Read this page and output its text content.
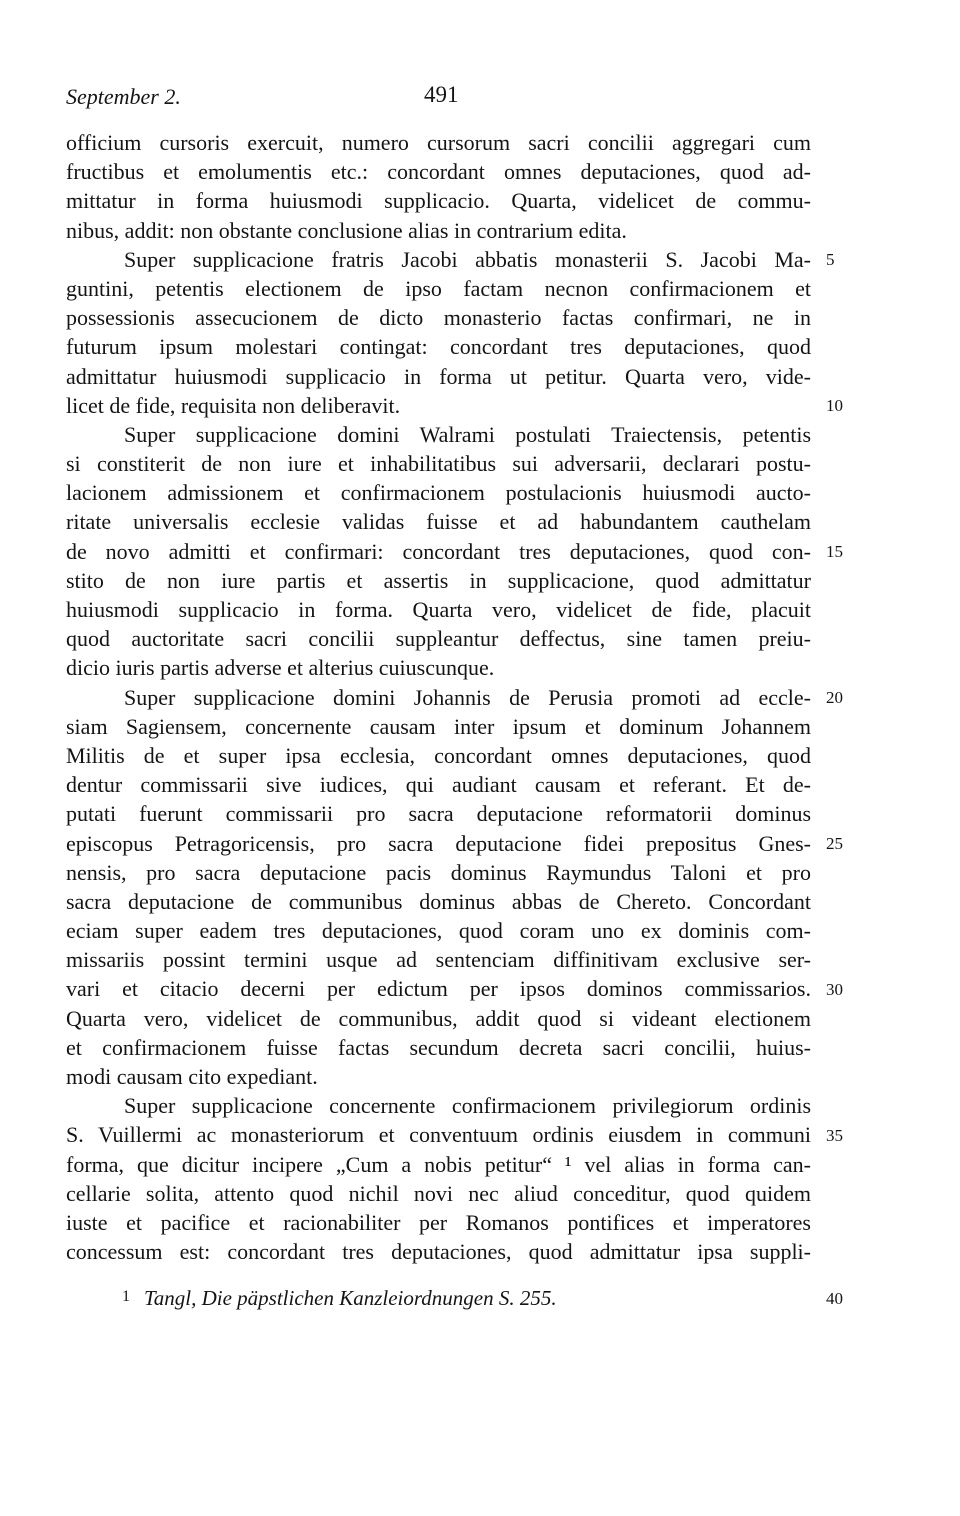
September 2.	491
officium cursoris exercuit, numero cursorum sacri concilii aggregari cum
fructibus et emolumentis etc.: concordant omnes deputaciones, quod ad-
mittatur in forma huiusmodi supplicacio. Quarta, videlicet de commu-
nibus, addit: non obstante conclusione alias in contrarium edita.
Super supplicacione fratris Jacobi abbatis monasterii S. Jacobi Ma-
guntini, petentis electionem de ipso factam necnon confirmacionem et
possessionis assecucionem de dicto monasterio factas confirmari, ne in
futurum ipsum molestari contingat: concordant tres deputaciones, quod
admittatur huiusmodi supplicacio in forma ut petitur. Quarta vero, vide-
licet de fide, requisita non deliberavit.
Super supplicacione domini Walrami postulati Traiectensis, petentis
si constiterit de non iure et inhabilitatibus sui adversarii, declarari postu-
lacionem admissionem et confirmacionem postulacionis huiusmodi aucto-
ritate universalis ecclesie validas fuisse et ad habundantem cauthelam
de novo admitti et confirmari: concordant tres deputaciones, quod con-
stito de non iure partis et assertis in supplicacione, quod admittatur
huiusmodi supplicacio in forma. Quarta vero, videlicet de fide, placuit
quod auctoritate sacri concilii suppleantur deffectus, sine tamen preiu-
dicio iuris partis adverse et alterius cuiuscunque.
Super supplicacione domini Johannis de Perusia promoti ad eccle-
siam Sagiensem, concernente causam inter ipsum et dominum Johannem
Militis de et super ipsa ecclesia, concordant omnes deputaciones, quod
dentur commissarii sive iudices, qui audiant causam et referant. Et de-
putati fuerunt commissarii pro sacra deputacione reformatorii dominus
episcopus Petragoricensis, pro sacra deputacione fidei prepositus Gnes-
nensis, pro sacra deputacione pacis dominus Raymundus Taloni et pro
sacra deputacione de communibus dominus abbas de Chereto. Concordant
eciam super eadem tres deputaciones, quod coram uno ex dominis com-
missariis possint termini usque ad sentenciam diffinitivam exclusive ser-
vari et citacio decerni per edictum per ipsos dominos commissarios.
Quarta vero, videlicet de communibus, addit quod si videant electionem
et confirmacionem fuisse factas secundum decreta sacri concilii, huius-
modi causam cito expediant.
Super supplicacione concernente confirmacionem privilegiorum ordinis
S. Vuillermi ac monasteriorum et conventuum ordinis eiusdem in communi
forma, que dicitur incipere „Cum a nobis petitur“ ¹ vel alias in forma can-
cellarie solita, attento quod nichil novi nec aliud conceditur, quod quidem
iuste et pacifice et racionabiliter per Romanos pontifices et imperatores
concessum est: concordant tres deputaciones, quod admittatur ipsa suppli-
5
10
15
20
25
30
35
1 Tangl, Die päpstlichen Kanzleiordnungen S. 255.	40
